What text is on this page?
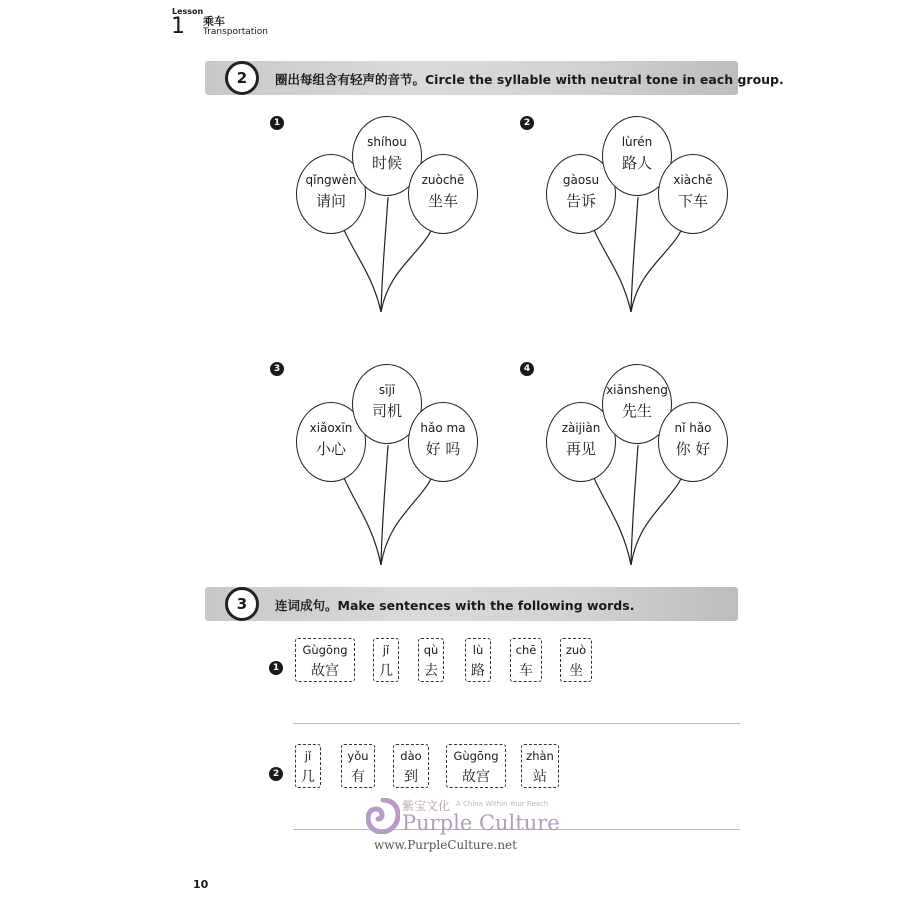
Lesson
1 乘车
Transportation
2	圈出每组含有轻声的音节。Circle the syllable with neutral tone in each group.
1
qǐngwèn
请问
shíhou
时候
zuòchē
坐车
2
gàosu
告诉
lùrén
路人
xiàchē
下车
3
xiǎoxīn
小心
sījī
司机
hǎo ma
好 吗
4
zàijiàn
再见
xiānsheng
先生
nǐ hǎo
你 好
3	连词成句。Make sentences with the following words.
1
Gùgōng
故宫
jǐ
几
qù
去
lù
路
chē
车
zuò
坐
2
jǐ
几
yǒu
有
dào
到
Gùgōng
故宫
zhàn
站
紫宝文化 A China Within Your Reach
Purple Culture
www.PurpleCulture.net
10
